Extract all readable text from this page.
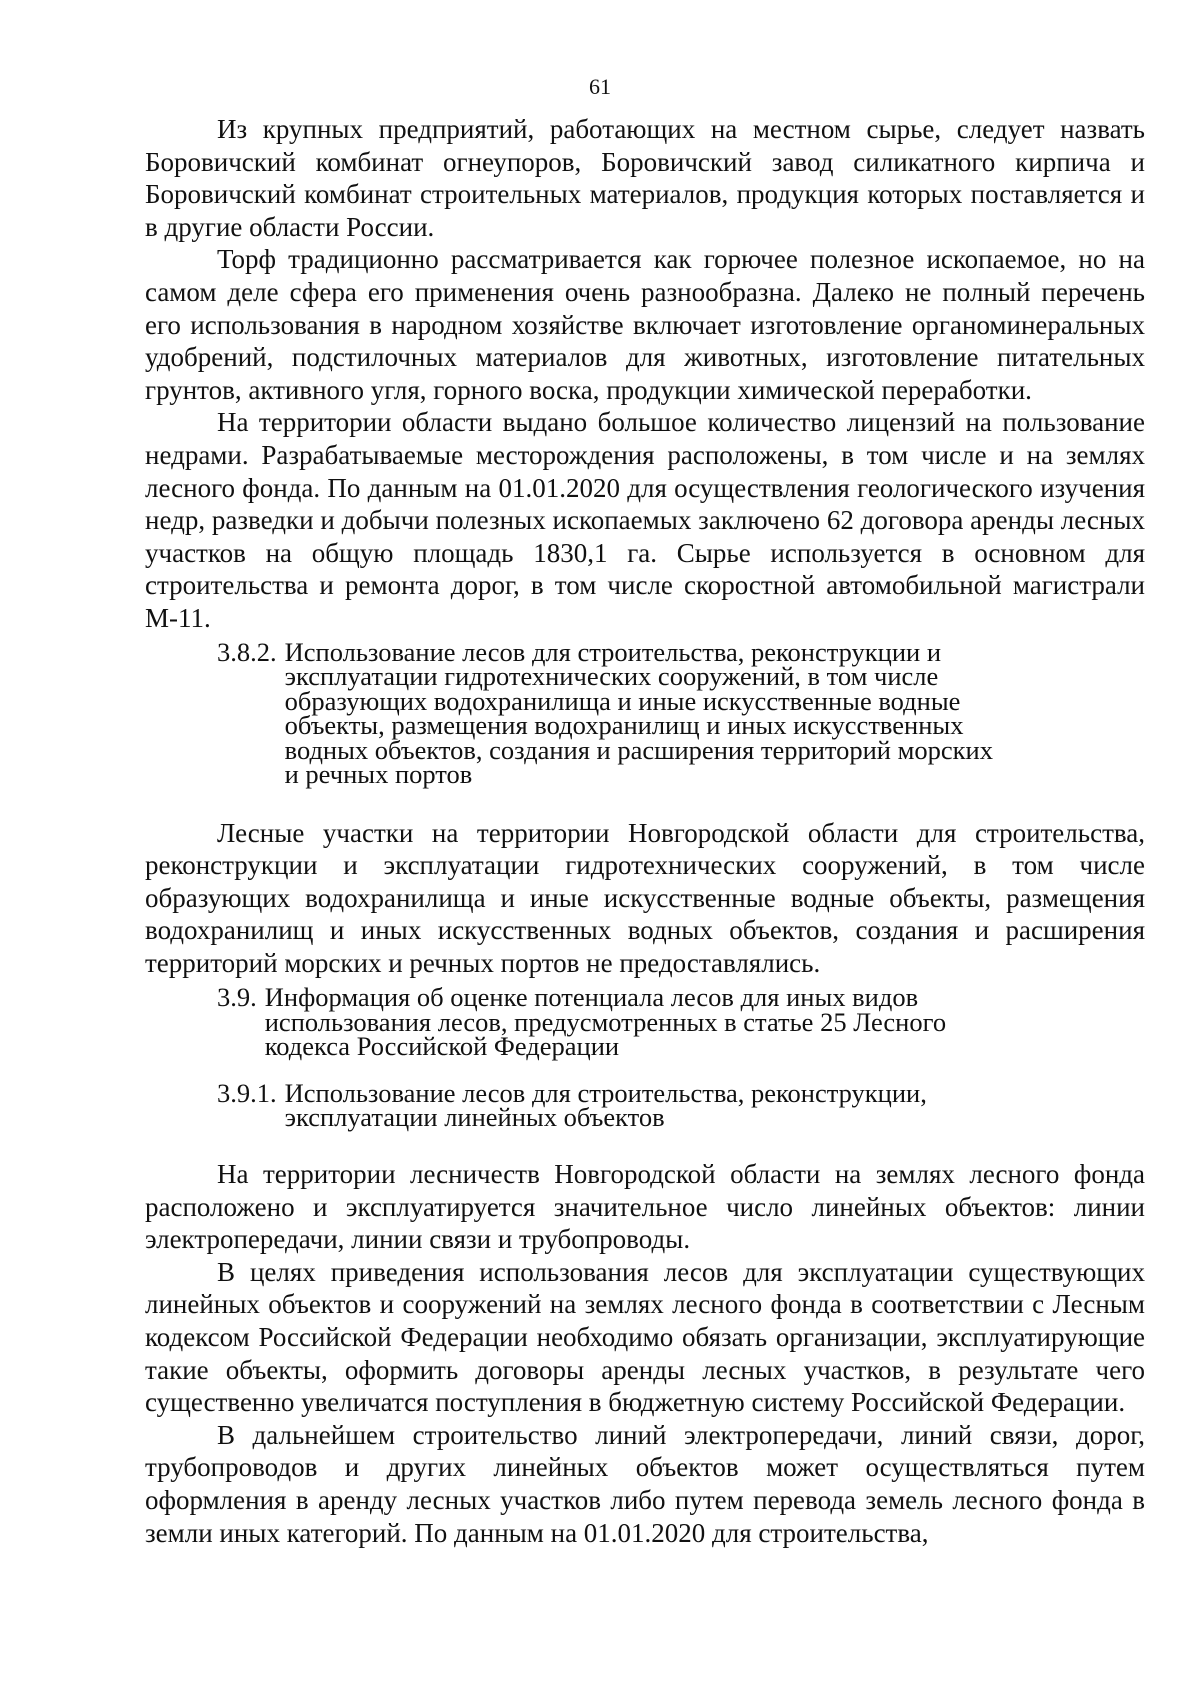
61

Из крупных предприятий, работающих на местном сырье, следует назвать Боровичский комбинат огнеупоров, Боровичский завод силикатного кирпича и Боровичский комбинат строительных материалов, продукция которых поставляется и в другие области России.

Торф традиционно рассматривается как горючее полезное ископаемое, но на самом деле сфера его применения очень разнообразна. Далеко не полный перечень его использования в народном хозяйстве включает изготовление органоминеральных удобрений, подстилочных материалов для животных, изготовление питательных грунтов, активного угля, горного воска, продукции химической переработки.

На территории области выдано большое количество лицензий на пользование недрами. Разрабатываемые месторождения расположены, в том числе и на землях лесного фонда. По данным на 01.01.2020 для осуществления геологического изучения недр, разведки и добычи полезных ископаемых заключено 62 договора аренды лесных участков на общую площадь 1830,1 га. Сырье используется в основном для строительства и ремонта дорог, в том числе скоростной автомобильной магистрали М-11.

3.8.2. Использование лесов для строительства, реконструкции и
эксплуатации гидротехнических сооружений, в том числе
образующих водохранилища и иные искусственные водные
объекты, размещения водохранилищ и иных искусственных
водных объектов, создания и расширения территорий морских
и речных портов

Лесные участки на территории Новгородской области для строительства, реконструкции и эксплуатации гидротехнических сооружений, в том числе образующих водохранилища и иные искусственные водные объекты, размещения водохранилищ и иных искусственных водных объектов, создания и расширения территорий морских и речных портов не предоставлялись.

3.9. Информация об оценке потенциала лесов для иных видов
использования лесов, предусмотренных в статье 25 Лесного
кодекса Российской Федерации
3.9.1. Использование лесов для строительства, реконструкции,
эксплуатации линейных объектов

На территории лесничеств Новгородской области на землях лесного фонда расположено и эксплуатируется значительное число линейных объектов: линии электропередачи, линии связи и трубопроводы.

В целях приведения использования лесов для эксплуатации существующих линейных объектов и сооружений на землях лесного фонда в соответствии с Лесным кодексом Российской Федерации необходимо обязать организации, эксплуатирующие такие объекты, оформить договоры аренды лесных участков, в результате чего существенно увеличатся поступления в бюджетную систему Российской Федерации.

В дальнейшем строительство линий электропередачи, линий связи, дорог, трубопроводов и других линейных объектов может осуществляться путем оформления в аренду лесных участков либо путем перевода земель лесного фонда в земли иных категорий. По данным на 01.01.2020 для строительства,
